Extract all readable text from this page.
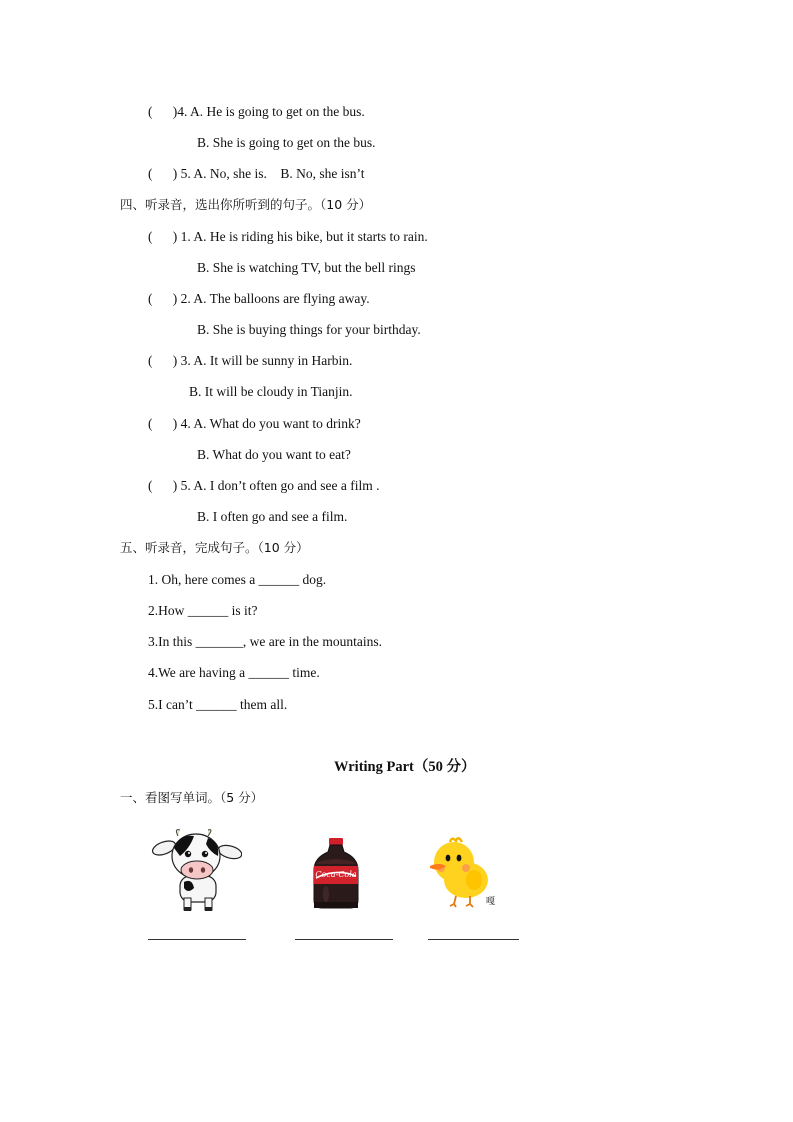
(      )4. A. He is going to get on the bus.
B. She is going to get on the bus.
(      ) 5. A. No, she is.    B. No, she isn’t
四、听录音，选出你所听到的句子。（10 分）
(      ) 1. A. He is riding his bike, but it starts to rain.
B. She is watching TV, but the bell rings
(      ) 2. A. The balloons are flying away.
B. She is buying things for your birthday.
(      ) 3. A. It will be sunny in Harbin.
B. It will be cloudy in Tianjin.
(      ) 4. A. What do you want to drink?
B. What do you want to eat?
(      ) 5. A. I don’t often go and see a film .
B. I often go and see a film.
五、听录音，完成句子。（10 分）
1. Oh, here comes a ______ dog.
2.How ______ is it?
3.In this _______, we are in the mountains.
4.We are having a ______ time.
5.I can’t ______ them all.
Writing Part（50 分）
一、看图写单词。（5 分）
Coca-Cola
嘎
